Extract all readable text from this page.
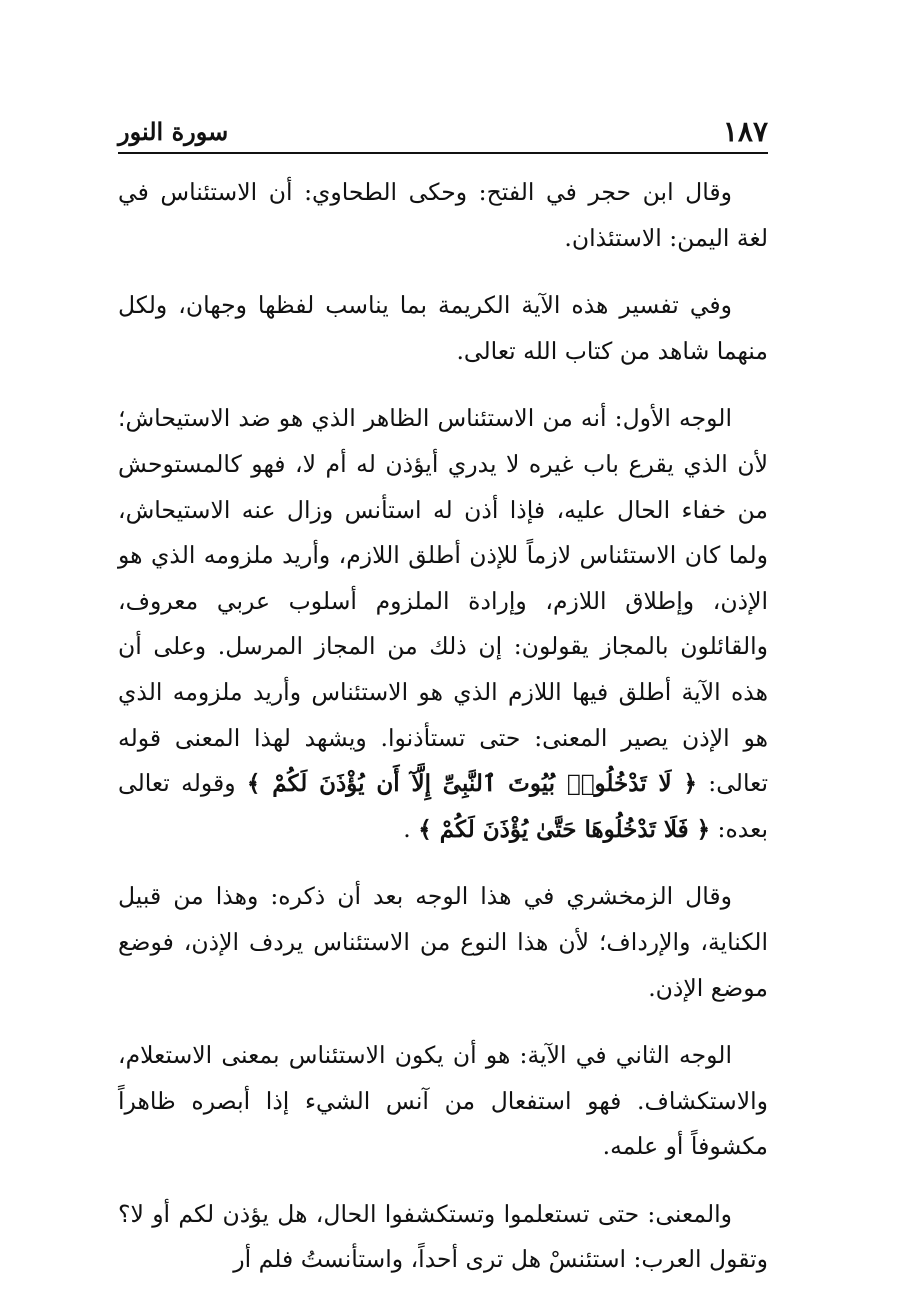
سورة النور	١٨٧

وقال ابن حجر في الفتح: وحكى الطحاوي: أن الاستئناس في لغة اليمن: الاستئذان.

وفي تفسير هذه الآية الكريمة بما يناسب لفظها وجهان، ولكل منهما شاهد من كتاب الله تعالى.

الوجه الأول: أنه من الاستئناس الظاهر الذي هو ضد الاستيحاش؛ لأن الذي يقرع باب غيره لا يدري أيؤذن له أم لا، فهو كالمستوحش من خفاء الحال عليه، فإذا أذن له استأنس وزال عنه الاستيحاش، ولما كان الاستئناس لازماً للإذن أطلق اللازم، وأريد ملزومه الذي هو الإذن، وإطلاق اللازم، وإرادة الملزوم أسلوب عربي معروف، والقائلون بالمجاز يقولون: إن ذلك من المجاز المرسل. وعلى أن هذه الآية أطلق فيها اللازم الذي هو الاستئناس وأريد ملزومه الذي هو الإذن يصير المعنى: حتى تستأذنوا. ويشهد لهذا المعنى قوله تعالى: ﴿ لَا تَدْخُلُوا۟ بُيُوتَ ٱلنَّبِىِّ إِلَّآ أَن يُؤْذَنَ لَكُمْ ﴾ وقوله تعالى بعده: ﴿ فَلَا تَدْخُلُوهَا حَتَّىٰ يُؤْذَنَ لَكُمْ ﴾ .

وقال الزمخشري في هذا الوجه بعد أن ذكره: وهذا من قبيل الكناية، والإرداف؛ لأن هذا النوع من الاستئناس يردف الإذن، فوضع موضع الإذن.

الوجه الثاني في الآية: هو أن يكون الاستئناس بمعنى الاستعلام، والاستكشاف. فهو استفعال من آنس الشيء إذا أبصره ظاهراً مكشوفاً أو علمه.

والمعنى: حتى تستعلموا وتستكشفوا الحال، هل يؤذن لكم أو لا؟ وتقول العرب: استئنسْ هل ترى أحداً، واستأنستُ فلم أر
